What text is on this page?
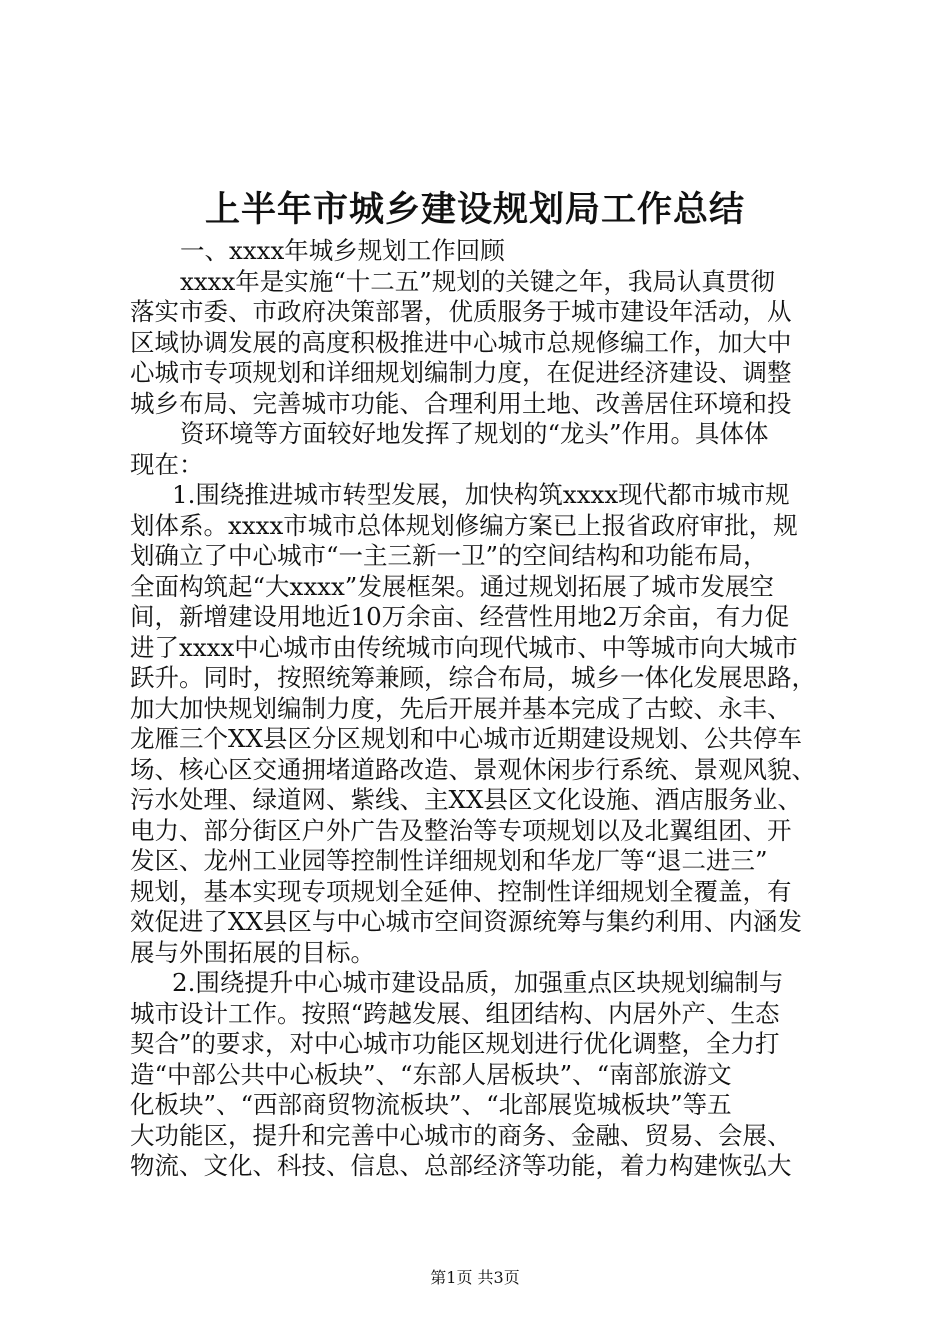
上半年市城乡建设规划局工作总结
一、xxxx年城乡规划工作回顾
xxxx年是实施“十二五”规划的关键之年，我局认真贯彻
落实市委、市政府决策部署，优质服务于城市建设年活动，从
区域协调发展的高度积极推进中心城市总规修编工作，加大中
心城市专项规划和详细规划编制力度，在促进经济建设、调整
城乡布局、完善城市功能、合理利用土地、改善居住环境和投
资环境等方面较好地发挥了规划的“龙头”作用。具体体
现在：
1.围绕推进城市转型发展，加快构筑xxxx现代都市城市规
划体系。xxxx市城市总体规划修编方案已上报省政府审批，规
划确立了中心城市“一主三新一卫”的空间结构和功能布局，
全面构筑起“大xxxx”发展框架。通过规划拓展了城市发展空
间，新增建设用地近10万余亩、经营性用地2万余亩，有力促
进了xxxx中心城市由传统城市向现代城市、中等城市向大城市
跃升。同时，按照统筹兼顾，综合布局，城乡一体化发展思路，
加大加快规划编制力度，先后开展并基本完成了古蛟、永丰、
龙雁三个XX县区分区规划和中心城市近期建设规划、公共停车
场、核心区交通拥堵道路改造、景观休闲步行系统、景观风貌、
污水处理、绿道网、紫线、主XX县区文化设施、酒店服务业、
电力、部分街区户外广告及整治等专项规划以及北翼组团、开
发区、龙州工业园等控制性详细规划和华龙厂等“退二进三”
规划，基本实现专项规划全延伸、控制性详细规划全覆盖，有
效促进了XX县区与中心城市空间资源统筹与集约利用、内涵发
展与外围拓展的目标。
2.围绕提升中心城市建设品质，加强重点区块规划编制与
城市设计工作。按照“跨越发展、组团结构、内居外产、生态
契合”的要求，对中心城市功能区规划进行优化调整，全力打
造“中部公共中心板块”、“东部人居板块”、“南部旅游文
化板块”、“西部商贸物流板块”、“北部展览城板块”等五
大功能区，提升和完善中心城市的商务、金融、贸易、会展、
物流、文化、科技、信息、总部经济等功能，着力构建恢弘大
第1页 共3页
